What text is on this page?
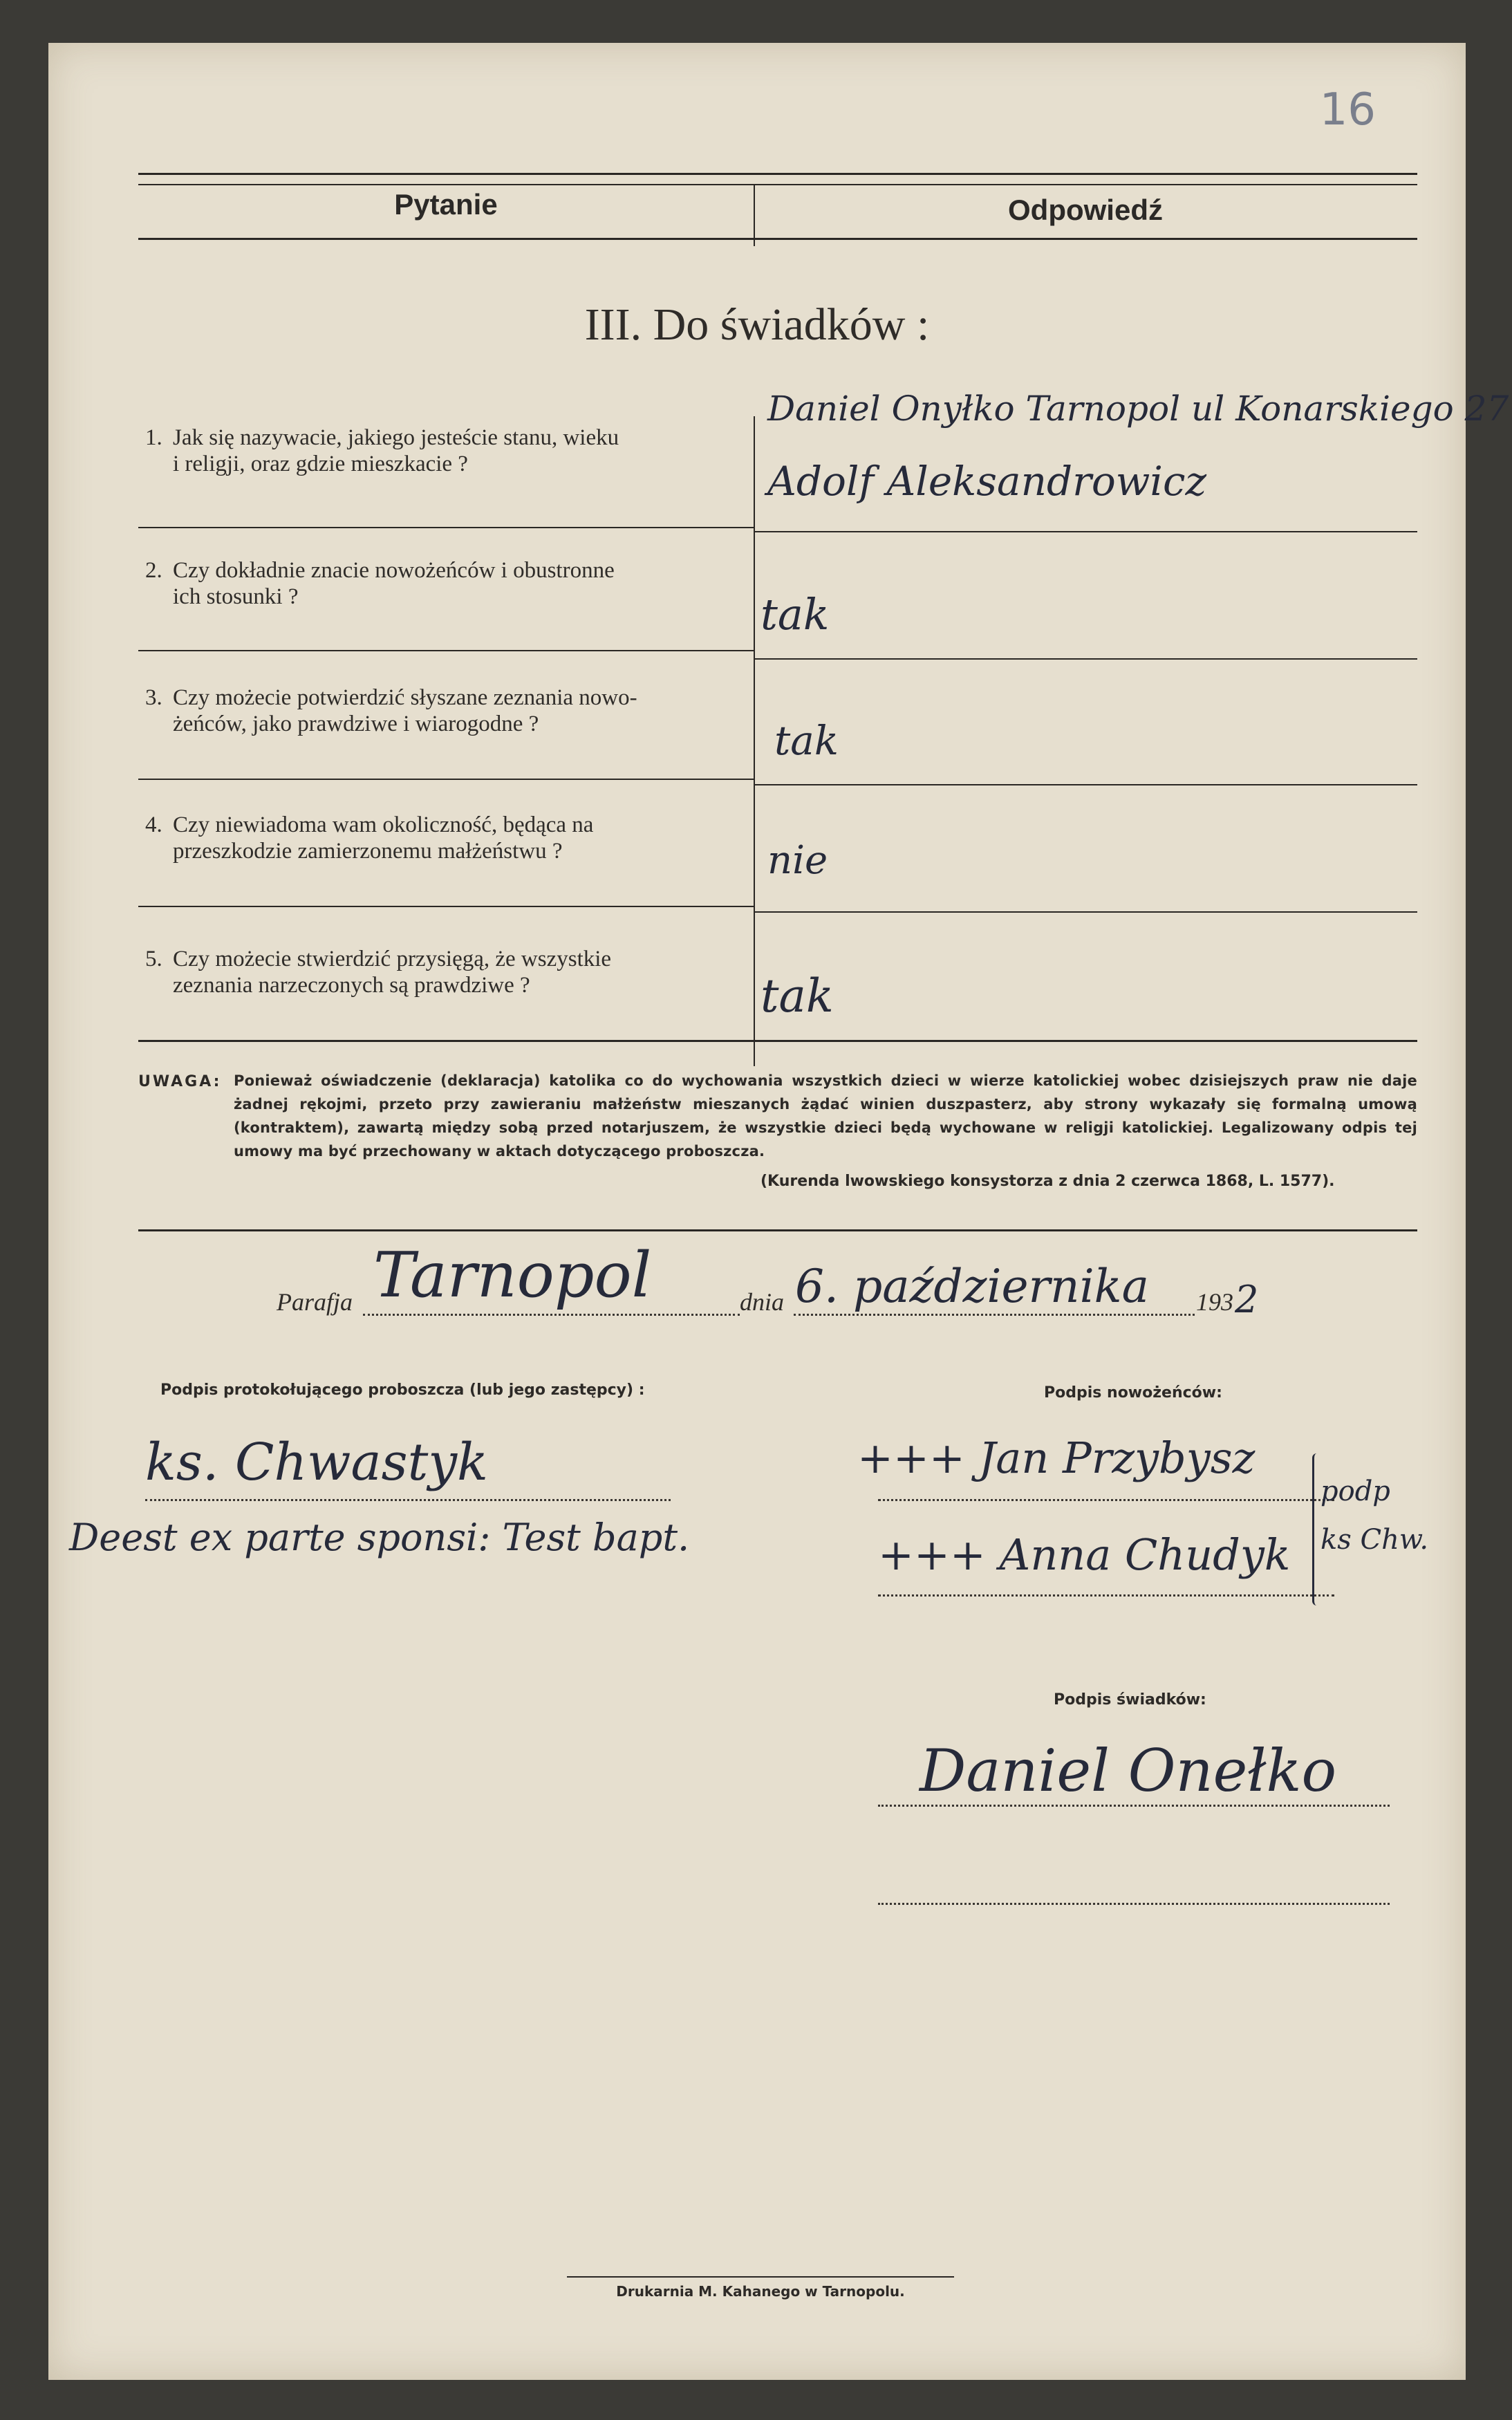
16
Pytanie	Odpowiedź
III. Do świadków :
1. Jak się nazywacie, jakiego jesteście stanu, wieku
i religji, oraz gdzie mieszkacie ?
Daniel Onyłko Tarnopol ul Konarskiego 27
Adolf Aleksandrowicz
2. Czy dokładnie znacie nowożeńców i obustronne
ich stosunki ?	tak
3. Czy możecie potwierdzić słyszane zeznania nowo-
żeńców, jako prawdziwe i wiarogodne ?	tak
4. Czy niewiadoma wam okoliczność, będąca na
przeszkodzie zamierzonemu małżeństwu ?	nie
5. Czy możecie stwierdzić przysięgą, że wszystkie
zeznania narzeczonych są prawdziwe ?	tak
UWAGA: Ponieważ oświadczenie (deklaracja) katolika co do wychowania wszystkich dzieci w wierze katolickiej wobec dzisiejszych praw nie daje żadnej rękojmi, przeto przy zawieraniu małżeństw mieszanych żądać winien duszpasterz, aby strony wykazały się formalną umową (kontraktem), zawartą między sobą przed notarjuszem, że wszystkie dzieci będą wychowane w religji katolickiej. Legalizowany odpis tej umowy ma być przechowany w aktach dotyczącego proboszcza.
(Kurenda lwowskiego konsystorza z dnia 2 czerwca 1868, L. 1577).
Parafja Tarnopol	dnia 6. października 193 2
Podpis protokołującego proboszcza (lub jego zastępcy) :
ks. Chwastyk
Deest ex parte sponsi: Test bapt.
Podpis nowożeńców:
+++ Jan Przybysz
+++ Anna Chudyk
podp
ks Chw.
Podpis świadków:
Daniel Onełko
Drukarnia M. Kahanego w Tarnopolu.
